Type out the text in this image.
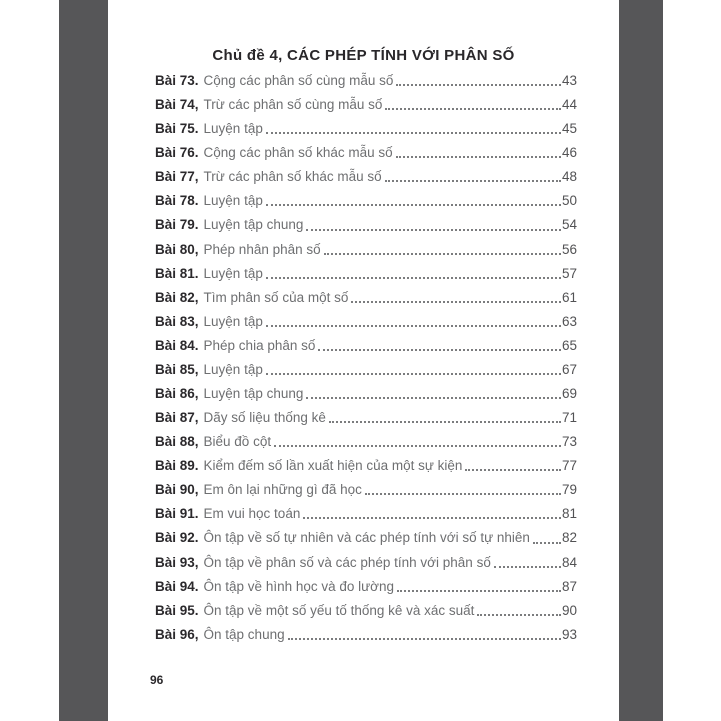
Chủ đề 4, CÁC PHÉP TÍNH VỚI PHÂN SỐ
Bài 73. Cộng các phân số cùng mẫu số	43
Bài 74, Trừ các phân số cùng mẫu số	44
Bài 75. Luyện tập	45
Bài 76. Cộng các phân số khác mẫu số	46
Bài 77, Trừ các phân số khác mẫu số	48
Bài 78. Luyện tập	50
Bài 79. Luyện tập chung	54
Bài 80, Phép nhân phân số	56
Bài 81. Luyện tập	57
Bài 82, Tìm phân số của một số	61
Bài 83, Luyện tập	63
Bài 84. Phép chia phân số	65
Bài 85, Luyện tập	67
Bài 86, Luyện tập chung	69
Bài 87, Dãy số liệu thống kê	71
Bài 88, Biểu đồ cột	73
Bài 89. Kiểm đếm số lần xuất hiện của một sự kiện	77
Bài 90, Em ôn lại những gì đã học	79
Bài 91. Em vui học toán	81
Bài 92. Ôn tập về số tự nhiên và các phép tính với số tự nhiên 82
Bài 93, Ôn tập về phân số và các phép tính với phân số	84
Bài 94. Ôn tập về hình học và đo lường	87
Bài 95. Ôn tập về một số yếu tố thống kê và xác suất	90
Bài 96, Ôn tập chung	93
96
